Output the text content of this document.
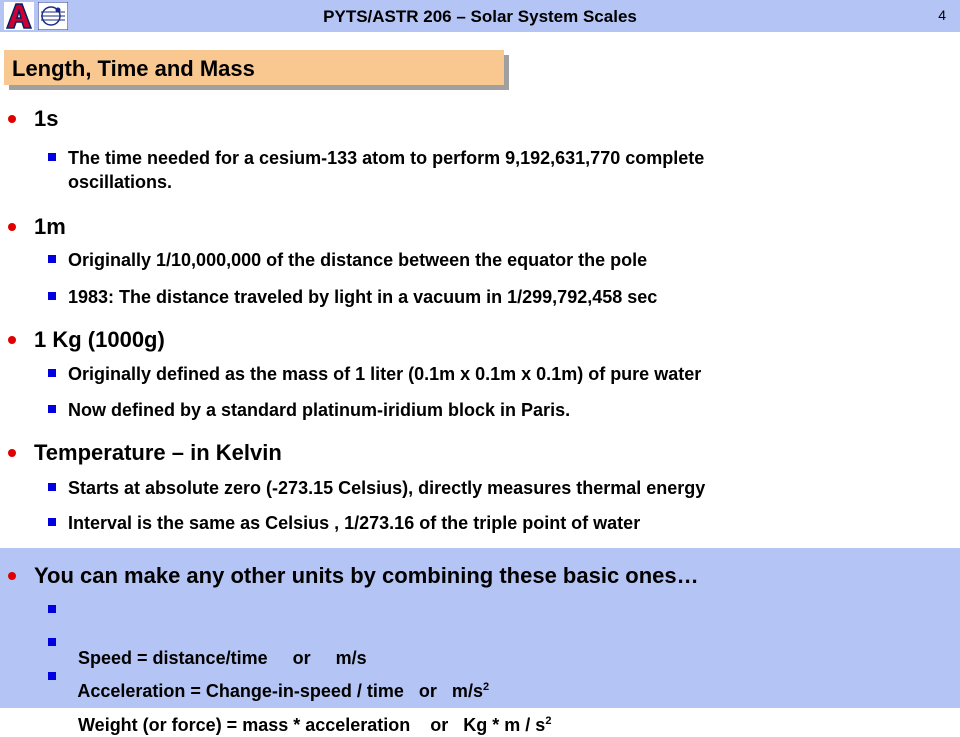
PYTS/ASTR 206 – Solar System Scales	4
Length, Time and Mass
1s
The time needed for a cesium-133 atom to perform 9,192,631,770 complete
oscillations.
1m
Originally 1/10,000,000 of the distance between the equator the pole
1983: The distance traveled by light in a vacuum in 1/299,792,458 sec
1 Kg (1000g)
Originally defined as the mass of 1 liter (0.1m x 0.1m x 0.1m) of pure water
Now defined by a standard platinum-iridium block in Paris.
Temperature – in Kelvin
Starts at absolute zero (-273.15 Celsius), directly measures thermal energy
Interval is the same as Celsius , 1/273.16 of the triple point of water
You can make any other units by combining these basic ones…

Speed = distance/time     or     m/s

Acceleration = Change-in-speed / time   or   $m/s^2$

Weight (or force) = mass * acceleration    or   Kg * m / $s^2$
